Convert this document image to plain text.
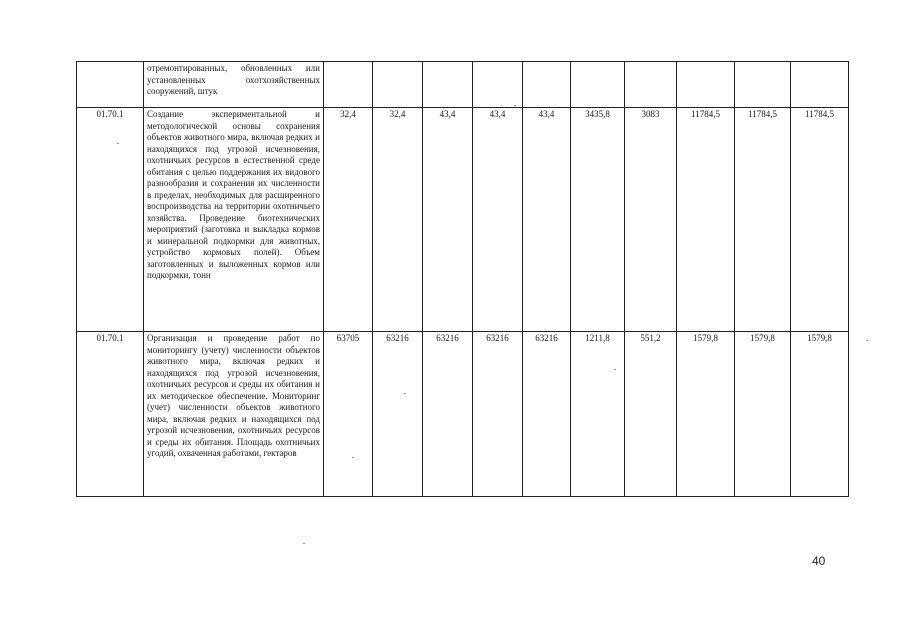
	отремонтированных, обновленных или установленных охотхозяйственных сооружений, штук										
01.70.1	Создание экспериментальной и методологической основы сохранения объектов животного мира, включая редких и находящихся под угрозой исчезновения, охотничьих ресурсов в естественной среде обитания с целью поддержания их видового разнообразия и сохранения их численности в пределах, необходимых для расширенного воспроизводства на территории охотничьего хозяйства. Проведение биотехнических мероприятий (заготовка и выкладка кормов и минеральной подкормки для животных, устройство кормовых полей). Объем заготовленных и выложенных кормов или подкормки, тонн	32,4	32,4	43,4	43,4	43,4	3435,8	3083	11784,5	11784,5	11784,5
01.70.1	Организация и проведение работ по мониторингу (учету) численности объектов животного мира, включая редких и находящихся под угрозой исчезновения, охотничьих ресурсов и среды их обитания и их методическое обеспечение. Мониторинг (учет) численности объектов животного мира, включая редких и находящихся под угрозой исчезновения, охотничьих ресурсов и среды их обитания. Площадь охотничьих угодий, охваченная работами, гектаров	63705	63216	63216	63216	63216	1211,8	551,2	1579,8	1579,8	1579,8
40
